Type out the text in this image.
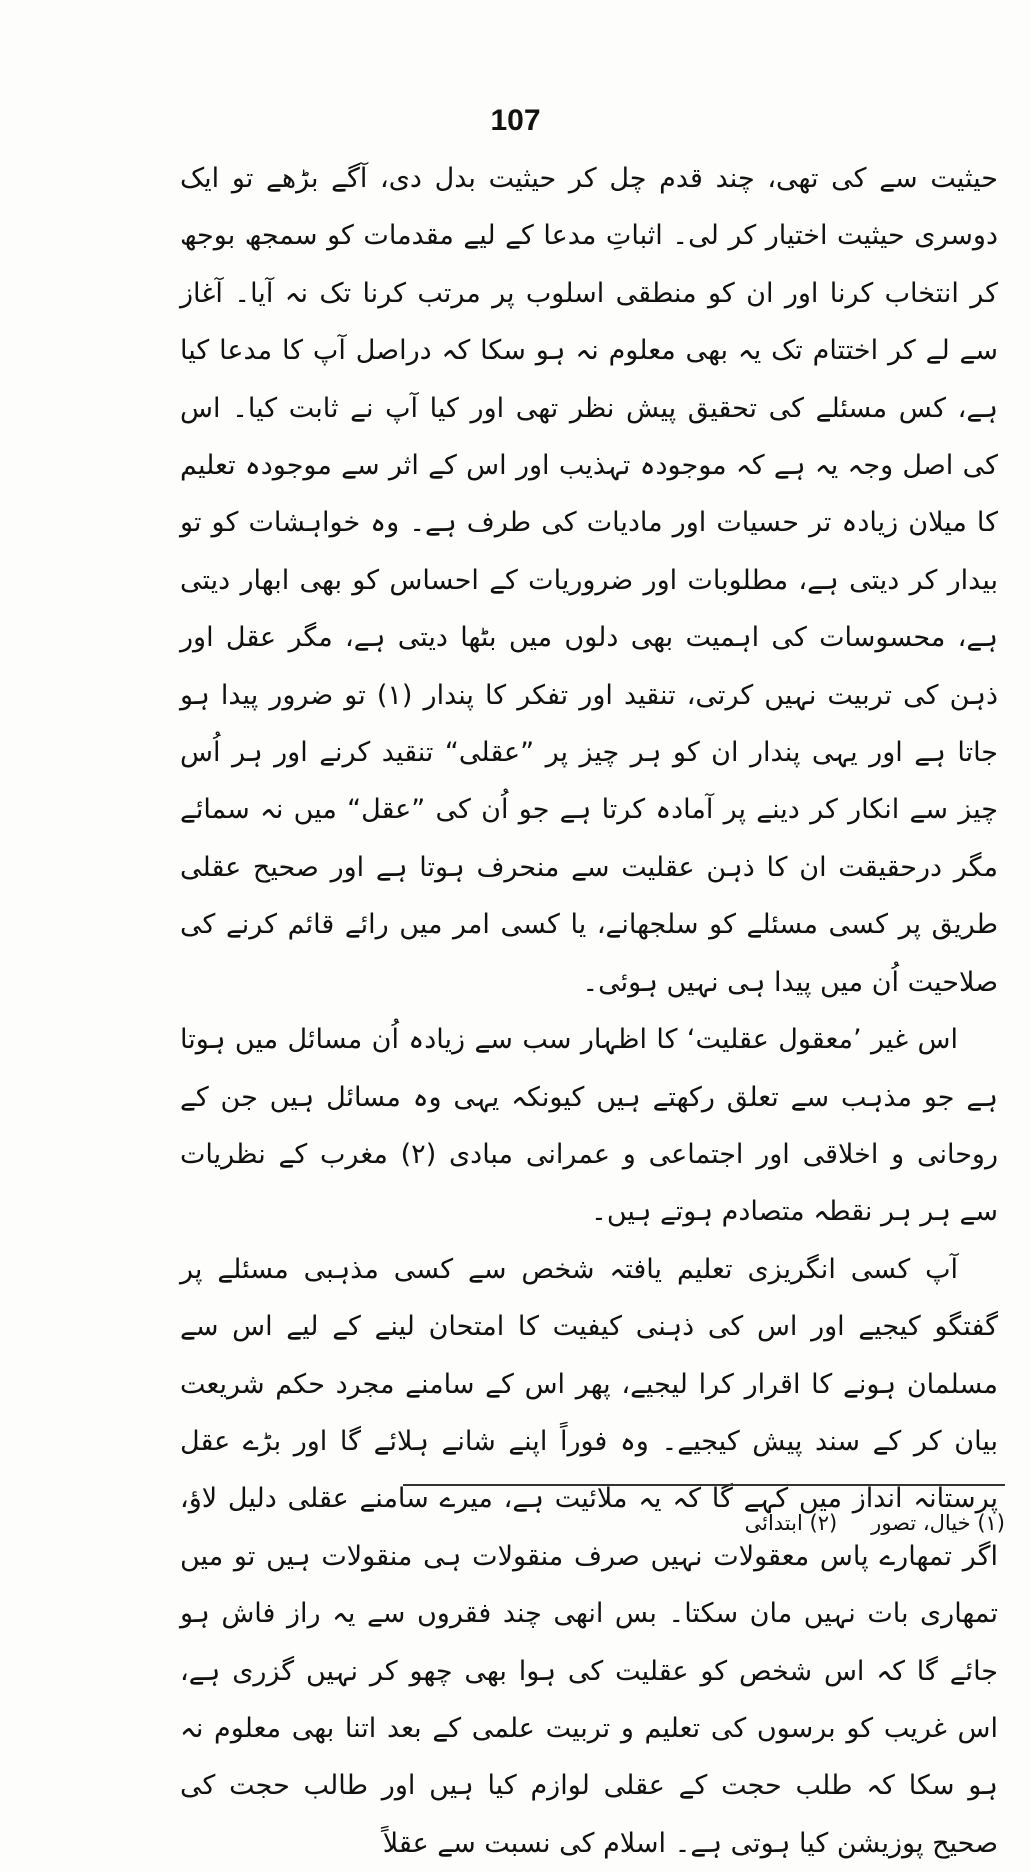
107

حیثیت سے کی تھی، چند قدم چل کر حیثیت بدل دی، آگے بڑھے تو ایک دوسری حیثیت اختیار کر لی۔ اثباتِ مدعا کے لیے مقدمات کو سمجھ بوجھ کر انتخاب کرنا اور ان کو منطقی اسلوب پر مرتب کرنا تک نہ آیا۔ آغاز سے لے کر اختتام تک یہ بھی معلوم نہ ہو سکا کہ دراصل آپ کا مدعا کیا ہے، کس مسئلے کی تحقیق پیش نظر تھی اور کیا آپ نے ثابت کیا۔ اس کی اصل وجہ یہ ہے کہ موجودہ تہذیب اور اس کے اثر سے موجودہ تعلیم کا میلان زیادہ تر حسیات اور مادیات کی طرف ہے۔ وہ خواہشات کو تو بیدار کر دیتی ہے، مطلوبات اور ضروریات کے احساس کو بھی ابھار دیتی ہے، محسوسات کی اہمیت بھی دلوں میں بٹھا دیتی ہے، مگر عقل اور ذہن کی تربیت نہیں کرتی، تنقید اور تفکر کا پندار (۱) تو ضرور پیدا ہو جاتا ہے اور یہی پندار ان کو ہر چیز پر ”عقلی“ تنقید کرنے اور ہر اُس چیز سے انکار کر دینے پر آمادہ کرتا ہے جو اُن کی ”عقل“ میں نہ سمائے مگر درحقیقت ان کا ذہن عقلیت سے منحرف ہوتا ہے اور صحیح عقلی طریق پر کسی مسئلے کو سلجھانے، یا کسی امر میں رائے قائم کرنے کی صلاحیت اُن میں پیدا ہی نہیں ہوئی۔

اس غیر ’معقول عقلیت‘ کا اظہار سب سے زیادہ اُن مسائل میں ہوتا ہے جو مذہب سے تعلق رکھتے ہیں کیونکہ یہی وہ مسائل ہیں جن کے روحانی و اخلاقی اور اجتماعی و عمرانی مبادی (۲) مغرب کے نظریات سے ہر ہر نقطہ متصادم ہوتے ہیں۔

آپ کسی انگریزی تعلیم یافتہ شخص سے کسی مذہبی مسئلے پر گفتگو کیجیے اور اس کی ذہنی کیفیت کا امتحان لینے کے لیے اس سے مسلمان ہونے کا اقرار کرا لیجیے، پھر اس کے سامنے مجرد حکم شریعت بیان کر کے سند پیش کیجیے۔ وہ فوراً اپنے شانے ہلائے گا اور بڑے عقل پرستانہ انداز میں کہے گا کہ یہ ملائیت ہے، میرے سامنے عقلی دلیل لاؤ، اگر تمھارے پاس معقولات نہیں صرف منقولات ہی منقولات ہیں تو میں تمھاری بات نہیں مان سکتا۔ بس انھی چند فقروں سے یہ راز فاش ہو جائے گا کہ اس شخص کو عقلیت کی ہوا بھی چھو کر نہیں گزری ہے، اس غریب کو برسوں کی تعلیم و تربیت علمی کے بعد اتنا بھی معلوم نہ ہو سکا کہ طلب حجت کے عقلی لوازم کیا ہیں اور طالب حجت کی صحیح پوزیشن کیا ہوتی ہے۔ اسلام کی نسبت سے عقلاً

(۱) خیال، تصور(۲) ابتدائی
